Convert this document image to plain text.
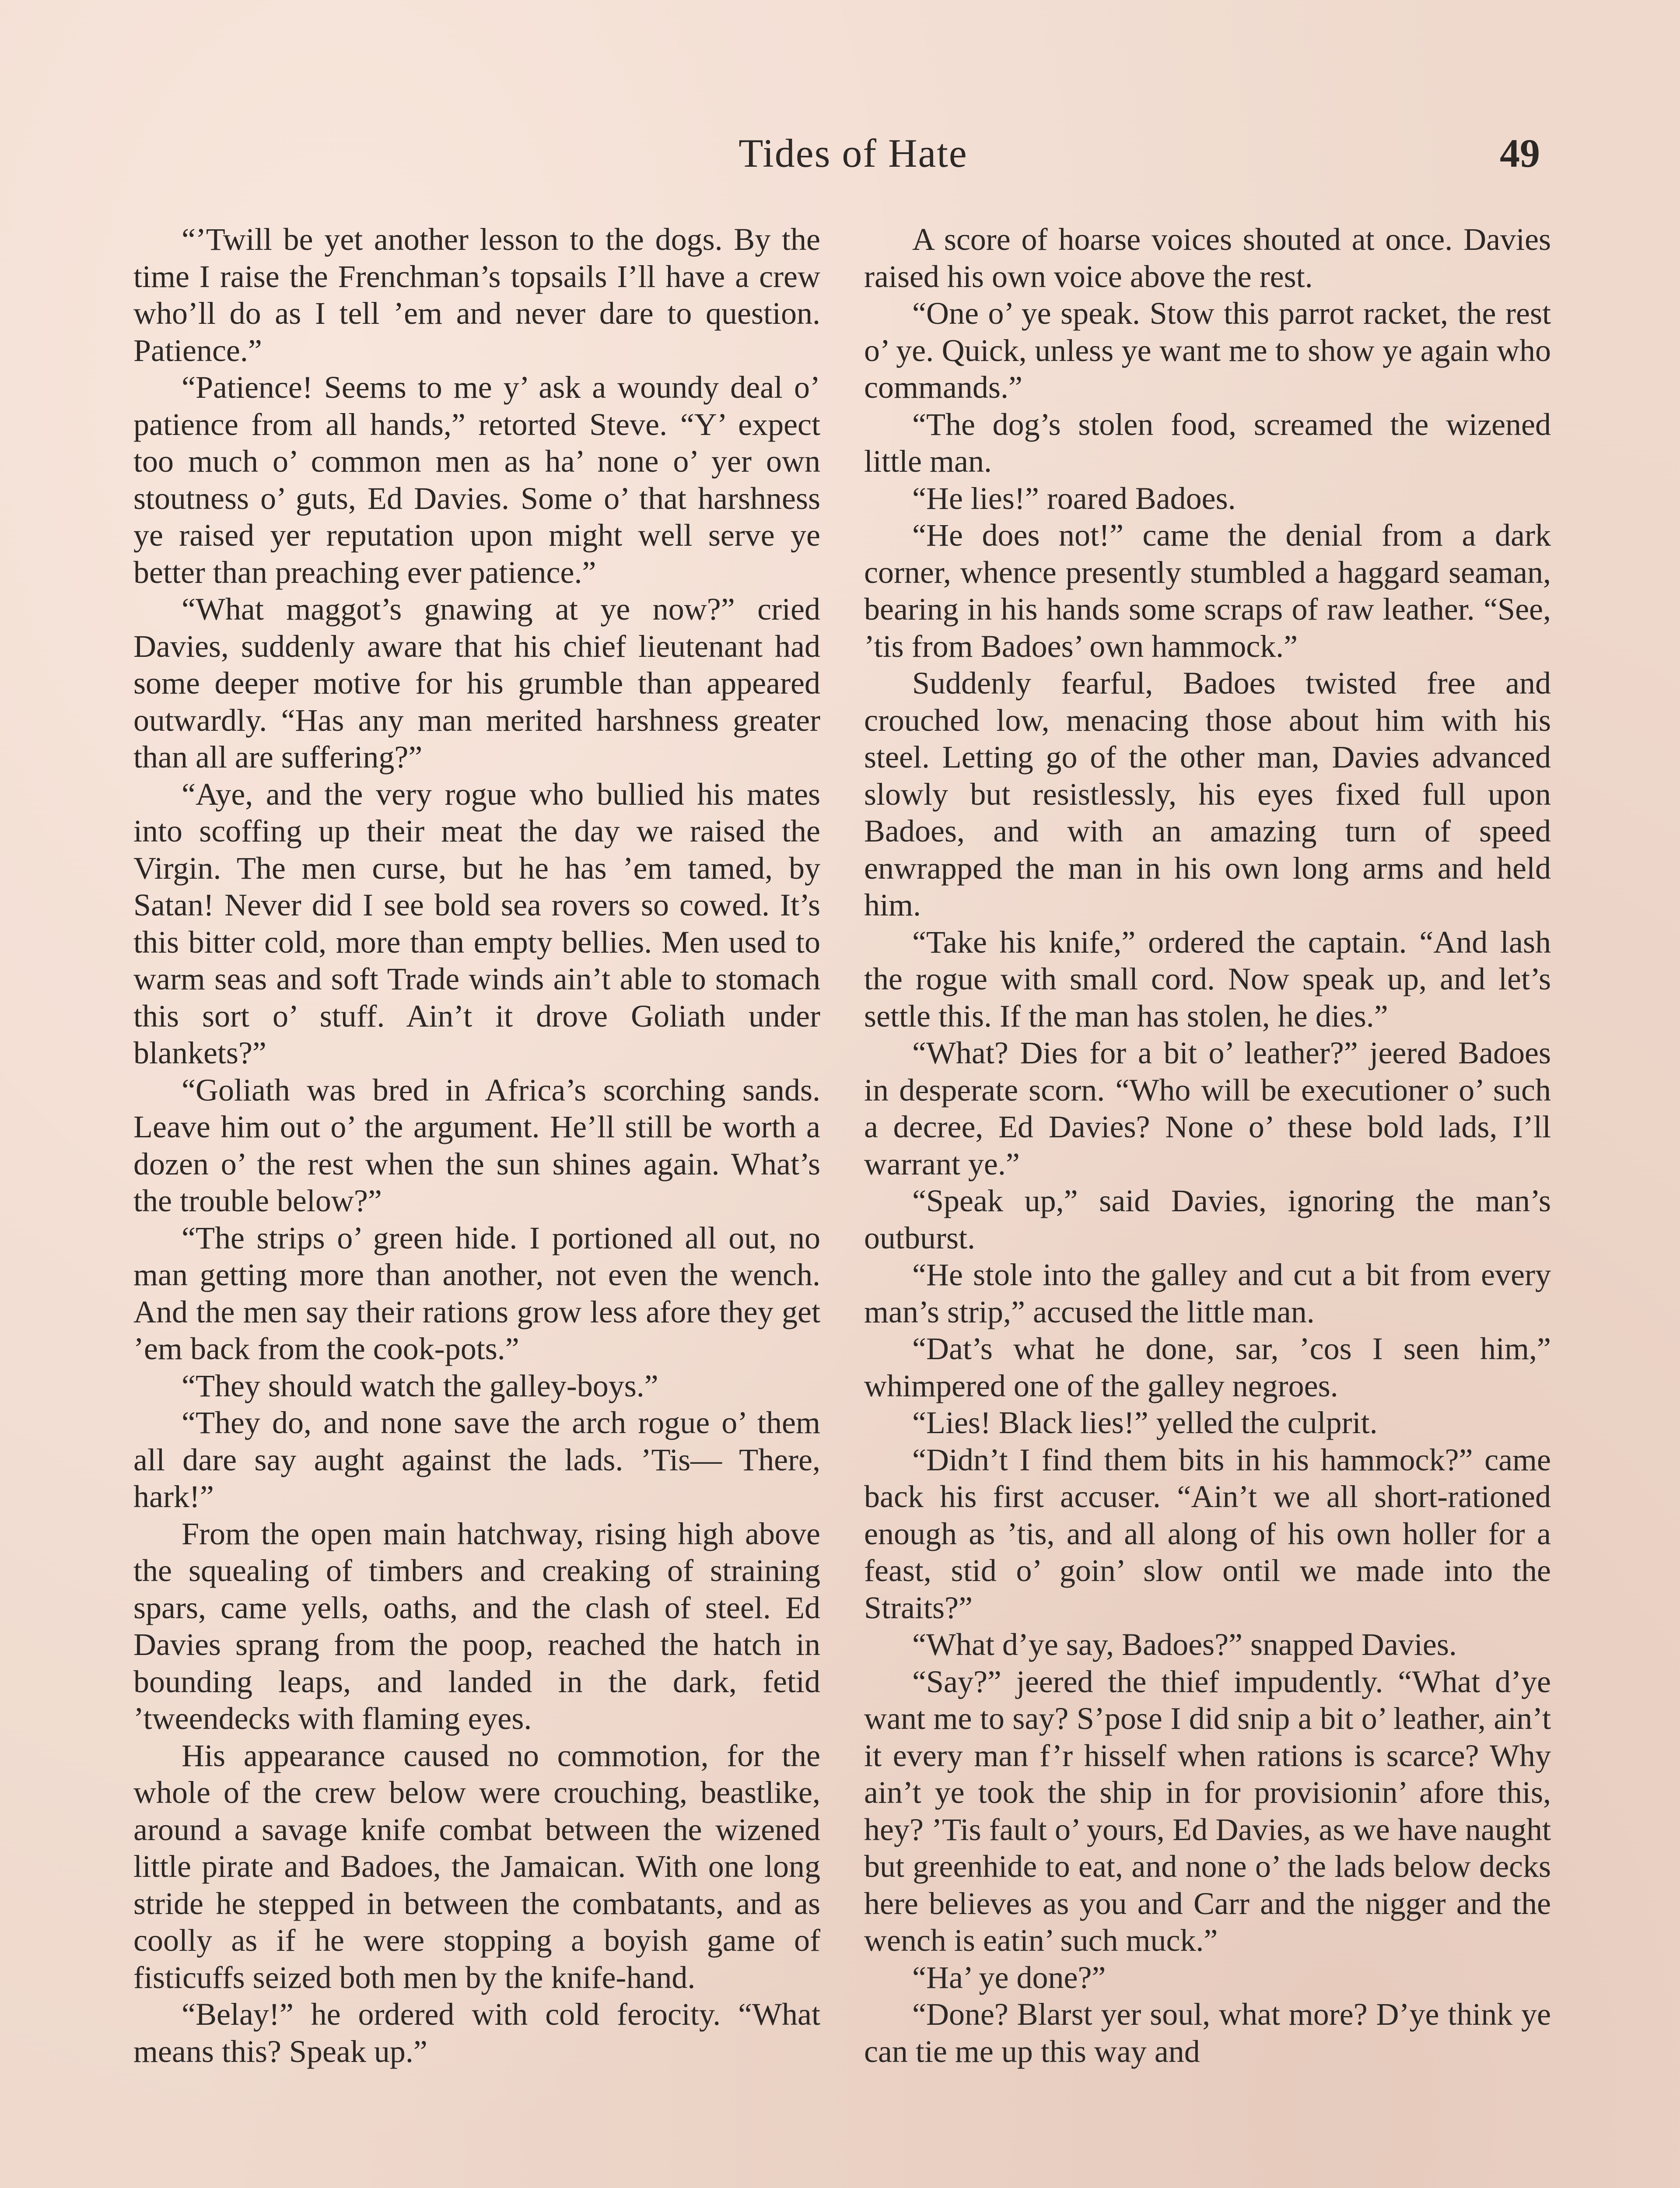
Tides of Hate	49

“’Twill be yet another lesson to the dogs. By the time I raise the Frenchman’s topsails I’ll have a crew who’ll do as I tell ’em and never dare to question. Patience.”

“Patience! Seems to me y’ ask a woundy deal o’ patience from all hands,” retorted Steve. “Y’ expect too much o’ common men as ha’ none o’ yer own stoutness o’ guts, Ed Davies. Some o’ that harshness ye raised yer reputation upon might well serve ye better than preaching ever patience.”

“What maggot’s gnawing at ye now?” cried Davies, suddenly aware that his chief lieutenant had some deeper motive for his grumble than appeared outwardly. “Has any man merited harshness greater than all are suffering?”

“Aye, and the very rogue who bullied his mates into scoffing up their meat the day we raised the Virgin. The men curse, but he has ’em tamed, by Satan! Never did I see bold sea rovers so cowed. It’s this bitter cold, more than empty bellies. Men used to warm seas and soft Trade winds ain’t able to stomach this sort o’ stuff. Ain’t it drove Goliath under blankets?”

“Goliath was bred in Africa’s scorching sands. Leave him out o’ the argument. He’ll still be worth a dozen o’ the rest when the sun shines again. What’s the trouble below?”

“The strips o’ green hide. I portioned all out, no man getting more than another, not even the wench. And the men say their rations grow less afore they get ’em back from the cook-pots.”

“They should watch the galley-boys.”

“They do, and none save the arch rogue o’ them all dare say aught against the lads. ’Tis— There, hark!”

From the open main hatchway, rising high above the squealing of timbers and creaking of straining spars, came yells, oaths, and the clash of steel. Ed Davies sprang from the poop, reached the hatch in bounding leaps, and landed in the dark, fetid ’tweendecks with flaming eyes.

His appearance caused no commotion, for the whole of the crew below were crouching, beastlike, around a savage knife combat between the wizened little pirate and Badoes, the Jamaican. With one long stride he stepped in between the combatants, and as coolly as if he were stopping a boyish game of fisticuffs seized both men by the knife-hand.

“Belay!” he ordered with cold ferocity. “What means this? Speak up.”

A score of hoarse voices shouted at once. Davies raised his own voice above the rest.

“One o’ ye speak. Stow this parrot racket, the rest o’ ye. Quick, unless ye want me to show ye again who commands.”

“The dog’s stolen food, screamed the wizened little man.

“He lies!” roared Badoes.

“He does not!” came the denial from a dark corner, whence presently stumbled a haggard seaman, bearing in his hands some scraps of raw leather. “See, ’tis from Badoes’ own hammock.”

Suddenly fearful, Badoes twisted free and crouched low, menacing those about him with his steel. Letting go of the other man, Davies advanced slowly but resistlessly, his eyes fixed full upon Badoes, and with an amazing turn of speed enwrapped the man in his own long arms and held him.

“Take his knife,” ordered the captain. “And lash the rogue with small cord. Now speak up, and let’s settle this. If the man has stolen, he dies.”

“What? Dies for a bit o’ leather?” jeered Badoes in desperate scorn. “Who will be executioner o’ such a decree, Ed Davies? None o’ these bold lads, I’ll warrant ye.”

“Speak up,” said Davies, ignoring the man’s outburst.

“He stole into the galley and cut a bit from every man’s strip,” accused the little man.

“Dat’s what he done, sar, ’cos I seen him,” whimpered one of the galley negroes.

“Lies! Black lies!” yelled the culprit.

“Didn’t I find them bits in his hammock?” came back his first accuser. “Ain’t we all short-rationed enough as ’tis, and all along of his own holler for a feast, stid o’ goin’ slow ontil we made into the Straits?”

“What d’ye say, Badoes?” snapped Davies.

“Say?” jeered the thief impudently. “What d’ye want me to say? S’pose I did snip a bit o’ leather, ain’t it every man f’r hisself when rations is scarce? Why ain’t ye took the ship in for provisionin’ afore this, hey? ’Tis fault o’ yours, Ed Davies, as we have naught but greenhide to eat, and none o’ the lads below decks here believes as you and Carr and the nigger and the wench is eatin’ such muck.”

“Ha’ ye done?”

“Done? Blarst yer soul, what more? D’ye think ye can tie me up this way and
